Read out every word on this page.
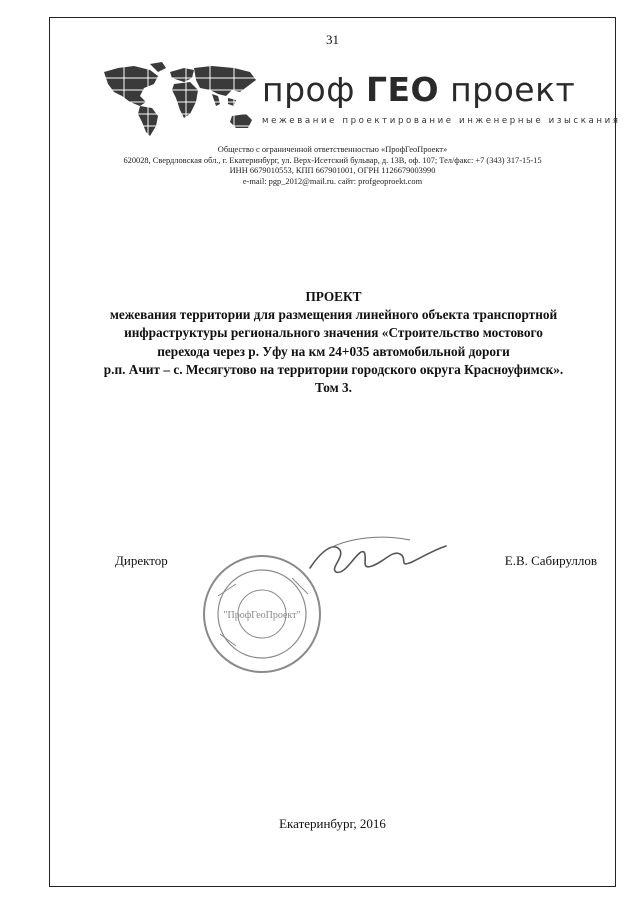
31
проф ГЕО проект
межевание проектирование инженерные изыскания
Общество с ограниченной ответственностью «ПрофГеоПроект»
620028, Свердловская обл., г. Екатеринбург, ул. Верх-Исетский бульвар, д. 13В, оф. 107; Тел/факс: +7 (343) 317-15-15
ИНН 6679010553, КПП 667901001, ОГРН 1126679003990
e-mail: pgp_2012@mail.ru. сайт: profgeoproekt.com
ПРОЕКТ
межевания территории для размещения линейного объекта транспортной
инфраструктуры регионального значения «Строительство мостового
перехода через р. Уфу на км 24+035 автомобильной дороги
р.п. Ачит – с. Месягутово на территории городского округа Красноуфимск».
Том 3.
"ПрофГеоПроект"
Директор	Е.В. Сабируллов
Екатеринбург, 2016
